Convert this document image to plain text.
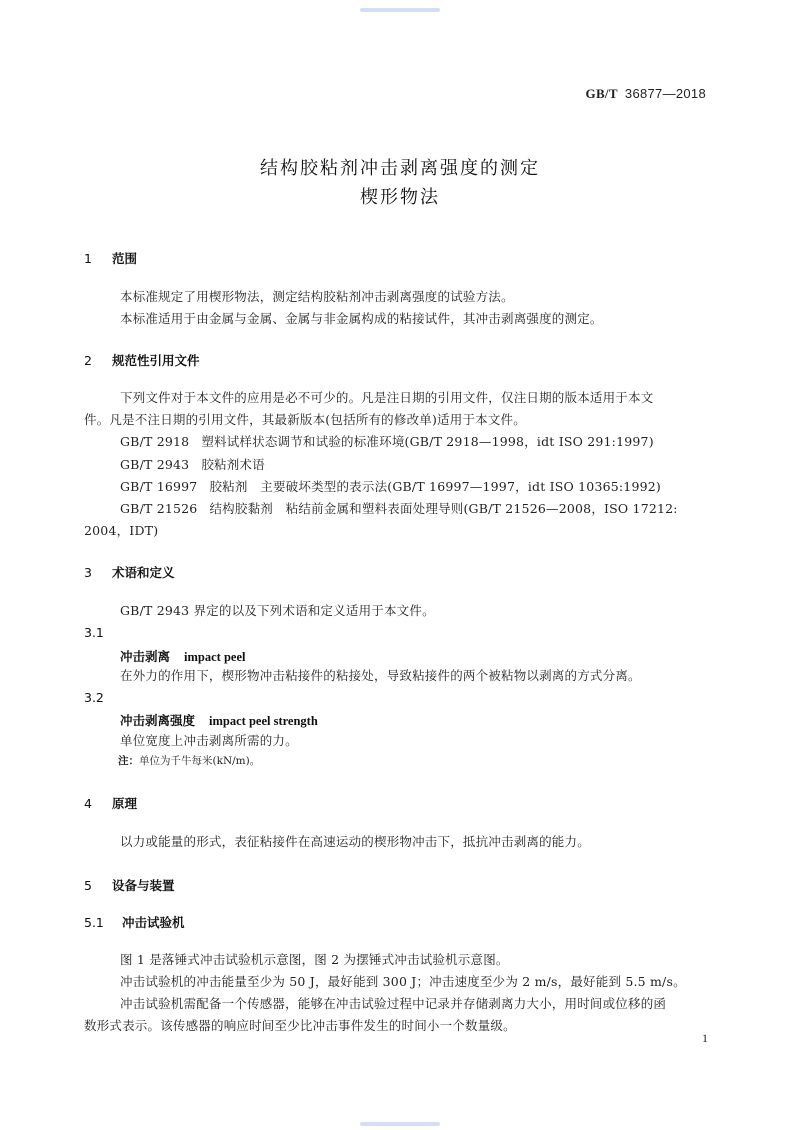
GB/T 36877—2018
结构胶粘剂冲击剥离强度的测定
楔形物法
1 范围
本标准规定了用楔形物法，测定结构胶粘剂冲击剥离强度的试验方法。
本标准适用于由金属与金属、金属与非金属构成的粘接试件，其冲击剥离强度的测定。
2 规范性引用文件
下列文件对于本文件的应用是必不可少的。凡是注日期的引用文件，仅注日期的版本适用于本文
件。凡是不注日期的引用文件，其最新版本(包括所有的修改单)适用于本文件。
GB/T 2918 塑料试样状态调节和试验的标准环境(GB/T 2918—1998，idt ISO 291:1997)
GB/T 2943 胶粘剂术语
GB/T 16997 胶粘剂　主要破坏类型的表示法(GB/T 16997—1997，idt ISO 10365:1992)
GB/T 21526 结构胶黏剂　粘结前金属和塑料表面处理导则(GB/T 21526—2008，ISO 17212:
2004，IDT)
3 术语和定义
GB/T 2943 界定的以及下列术语和定义适用于本文件。
3.1
冲击剥离 impact peel
在外力的作用下，楔形物冲击粘接件的粘接处，导致粘接件的两个被粘物以剥离的方式分离。
3.2
冲击剥离强度 impact peel strength
单位宽度上冲击剥离所需的力。
注：单位为千牛每米(kN/m)。
4 原理
以力或能量的形式，表征粘接件在高速运动的楔形物冲击下，抵抗冲击剥离的能力。
5 设备与装置
5.1 冲击试验机
图 1 是落锤式冲击试验机示意图，图 2 为摆锤式冲击试验机示意图。
冲击试验机的冲击能量至少为 50 J，最好能到 300 J；冲击速度至少为 2 m/s，最好能到 5.5 m/s。
冲击试验机需配备一个传感器，能够在冲击试验过程中记录并存储剥离力大小，用时间或位移的函
数形式表示。该传感器的响应时间至少比冲击事件发生的时间小一个数量级。
1
